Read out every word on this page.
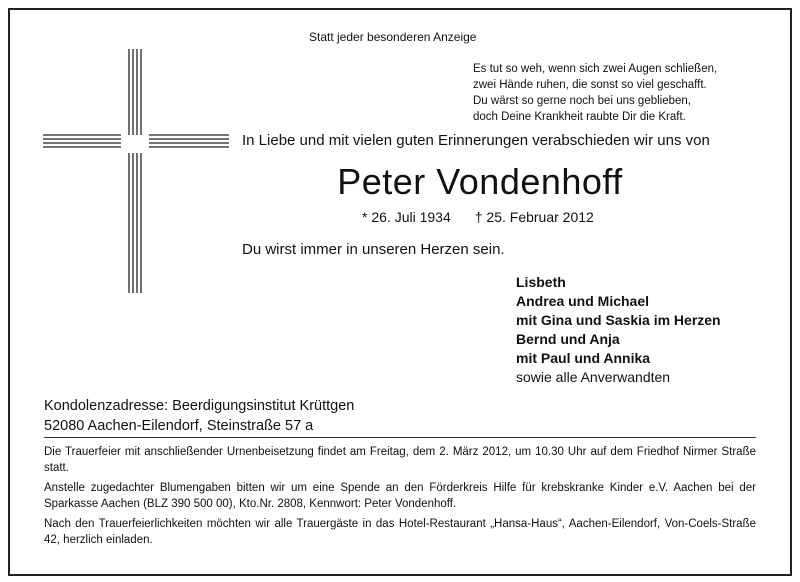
Statt jeder besonderen Anzeige
Es tut so weh, wenn sich zwei Augen schließen,
zwei Hände ruhen, die sonst so viel geschafft.
Du wärst so gerne noch bei uns geblieben,
doch Deine Krankheit raubte Dir die Kraft.
In Liebe und mit vielen guten Erinnerungen verabschieden wir uns von
Peter Vondenhoff
* 26. Juli 1934 † 25. Februar 2012
Du wirst immer in unseren Herzen sein.
Lisbeth
Andrea und Michael
mit Gina und Saskia im Herzen
Bernd und Anja
mit Paul und Annika
sowie alle Anverwandten
Kondolenzadresse: Beerdigungsinstitut Krüttgen
52080 Aachen-Eilendorf, Steinstraße 57 a

Die Trauerfeier mit anschließender Urnenbeisetzung findet am Freitag, dem 2. März 2012, um 10.30 Uhr auf dem Friedhof Nirmer Straße statt.

Anstelle zugedachter Blumengaben bitten wir um eine Spende an den Förderkreis Hilfe für krebskranke Kinder e.V. Aachen bei der Sparkasse Aachen (BLZ 390 500 00), Kto.Nr. 2808, Kennwort: Peter Vondenhoff.

Nach den Trauerfeierlichkeiten möchten wir alle Trauergäste in das Hotel-Restaurant „Hansa-Haus“, Aachen-Eilendorf, Von-Coels-Straße 42, herzlich einladen.
